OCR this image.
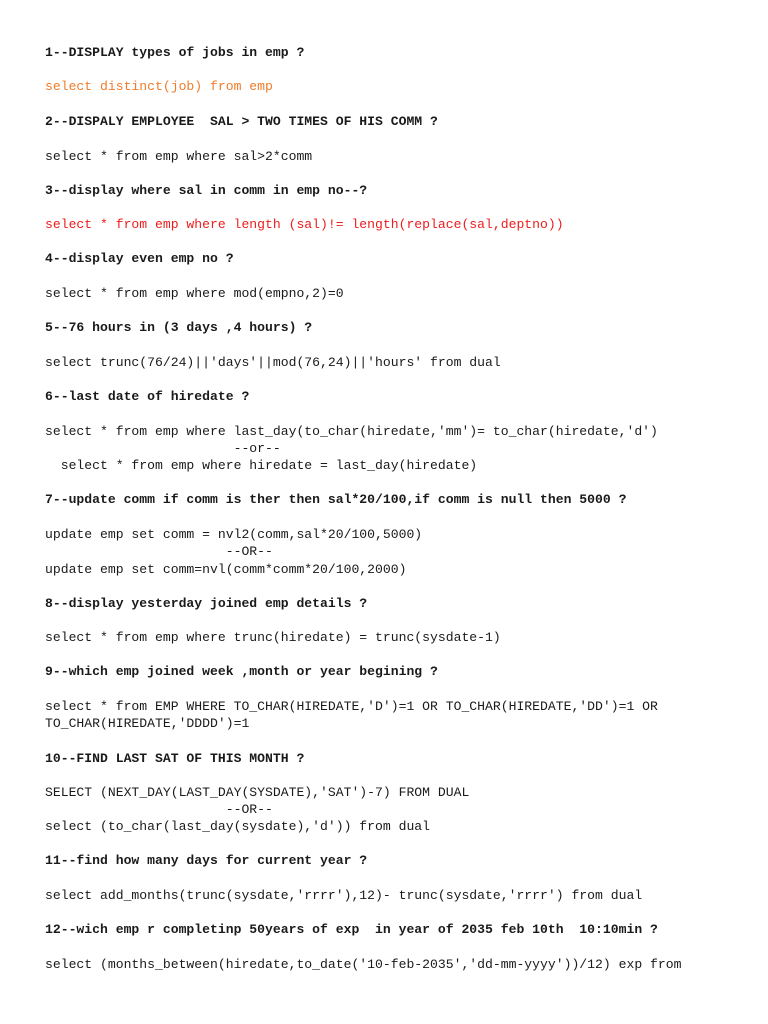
1--DISPLAY types of jobs in emp ?
select distinct(job) from emp
2--DISPALY EMPLOYEE  SAL > TWO TIMES OF HIS COMM ?
select * from emp where sal>2*comm
3--display where sal in comm in emp no--?
select * from emp where length (sal)!= length(replace(sal,deptno))
4--display even emp no ?
select * from emp where mod(empno,2)=0
5--76 hours in (3 days ,4 hours) ?
select trunc(76/24)||'days'||mod(76,24)||'hours' from dual
6--last date of hiredate ?
select * from emp where last_day(to_char(hiredate,'mm')= to_char(hiredate,'d')
--or--
select * from emp where hiredate = last_day(hiredate)
7--update comm if comm is ther then sal*20/100,if comm is null then 5000 ?
update emp set comm = nvl2(comm,sal*20/100,5000)
--OR--
update emp set comm=nvl(comm*comm*20/100,2000)
8--display yesterday joined emp details ?
select * from emp where trunc(hiredate) = trunc(sysdate-1)
9--which emp joined week ,month or year begining ?
select * from EMP WHERE TO_CHAR(HIREDATE,'D')=1 OR TO_CHAR(HIREDATE,'DD')=1 OR
TO_CHAR(HIREDATE,'DDDD')=1
10--FIND LAST SAT OF THIS MONTH ?
SELECT (NEXT_DAY(LAST_DAY(SYSDATE),'SAT')-7) FROM DUAL
--OR--
select (to_char(last_day(sysdate),'d')) from dual
11--find how many days for current year ?
select add_months(trunc(sysdate,'rrrr'),12)- trunc(sysdate,'rrrr') from dual
12--wich emp r completinp 50years of exp  in year of 2035 feb 10th  10:10min ?
select (months_between(hiredate,to_date('10-feb-2035','dd-mm-yyyy'))/12) exp from
